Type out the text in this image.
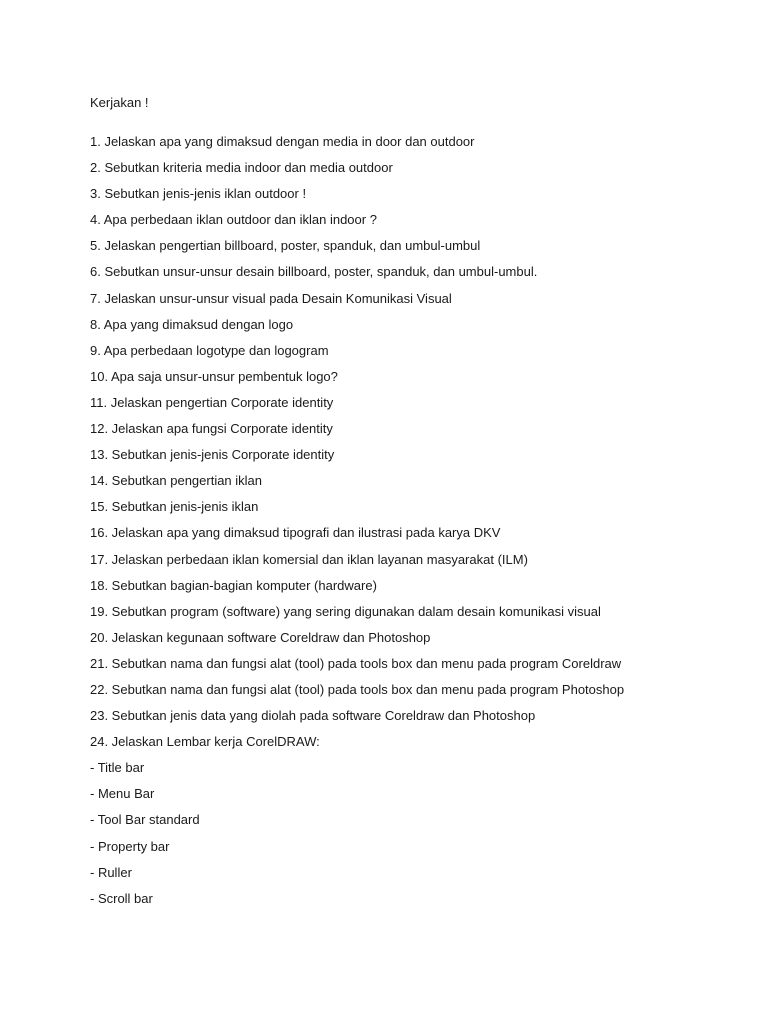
Kerjakan !
1. Jelaskan apa yang dimaksud dengan media in door dan outdoor
2. Sebutkan kriteria media indoor dan media outdoor
3. Sebutkan jenis-jenis iklan outdoor !
4. Apa perbedaan iklan outdoor dan iklan indoor ?
5. Jelaskan pengertian billboard, poster, spanduk, dan umbul-umbul
6. Sebutkan unsur-unsur desain billboard, poster, spanduk, dan umbul-umbul.
7. Jelaskan unsur-unsur visual pada Desain Komunikasi Visual
8. Apa yang dimaksud dengan logo
9. Apa perbedaan logotype dan logogram
10. Apa saja unsur-unsur pembentuk logo?
11. Jelaskan pengertian Corporate identity
12. Jelaskan apa fungsi Corporate identity
13. Sebutkan jenis-jenis Corporate identity
14. Sebutkan pengertian iklan
15. Sebutkan jenis-jenis iklan
16. Jelaskan apa yang dimaksud tipografi dan ilustrasi pada karya DKV
17. Jelaskan perbedaan iklan komersial dan iklan layanan masyarakat (ILM)
18. Sebutkan bagian-bagian komputer (hardware)
19. Sebutkan program (software) yang sering digunakan dalam desain komunikasi visual
20. Jelaskan kegunaan software Coreldraw dan Photoshop
21. Sebutkan nama dan fungsi alat (tool) pada tools box dan menu pada program Coreldraw
22. Sebutkan nama dan fungsi alat (tool) pada tools box dan menu pada program Photoshop
23. Sebutkan jenis data yang diolah pada software Coreldraw dan Photoshop
24. Jelaskan Lembar kerja CorelDRAW:
- Title bar
- Menu Bar
- Tool Bar standard
- Property bar
- Ruller
- Scroll bar
